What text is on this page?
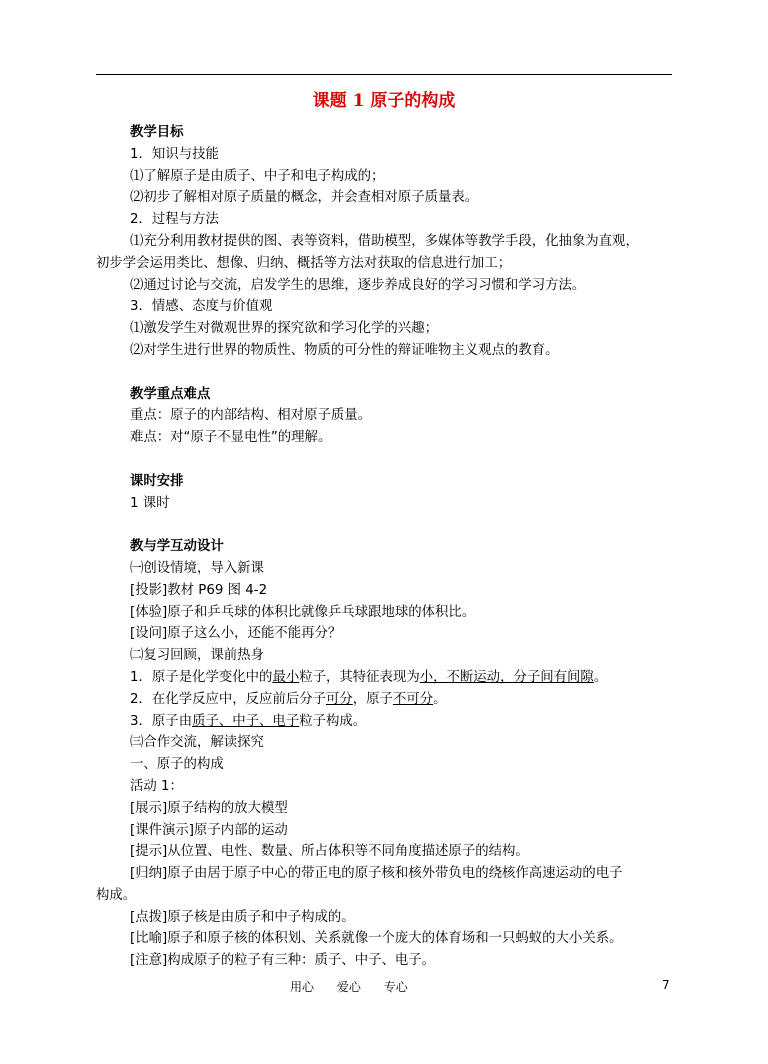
课题 1 原子的构成
教学目标
1．知识与技能
⑴了解原子是由质子、中子和电子构成的；
⑵初步了解相对原子质量的概念，并会查相对原子质量表。
2．过程与方法
⑴充分利用教材提供的图、表等资料，借助模型，多媒体等教学手段，化抽象为直观，
初步学会运用类比、想像、归纳、概括等方法对获取的信息进行加工；
⑵通过讨论与交流，启发学生的思维，逐步养成良好的学习习惯和学习方法。
3．情感、态度与价值观
⑴激发学生对微观世界的探究欲和学习化学的兴趣；
⑵对学生进行世界的物质性、物质的可分性的辩证唯物主义观点的教育。
教学重点难点
重点：原子的内部结构、相对原子质量。
难点：对“原子不显电性”的理解。
课时安排
1 课时
教与学互动设计
㈠创设情境，导入新课
[投影]教材 P69 图 4-2
[体验]原子和乒乓球的体积比就像乒乓球跟地球的体积比。
[设问]原子这么小，还能不能再分？
㈡复习回顾，课前热身
1．原子是化学变化中的最小粒子，其特征表现为小，不断运动，分子间有间隙。
2．在化学反应中，反应前后分子可分，原子不可分。
3．原子由质子、中子、电子粒子构成。
㈢合作交流，解读探究
一、原子的构成
活动 1：
[展示]原子结构的放大模型
[课件演示]原子内部的运动
[提示]从位置、电性、数量、所占体积等不同角度描述原子的结构。
[归纳]原子由居于原子中心的带正电的原子核和核外带负电的绕核作高速运动的电子
构成。
[点拨]原子核是由质子和中子构成的。
[比喻]原子和原子核的体积划、关系就像一个庞大的体育场和一只蚂蚁的大小关系。
[注意]构成原子的粒子有三种：质子、中子、电子。
用心      爱心      专心	7
